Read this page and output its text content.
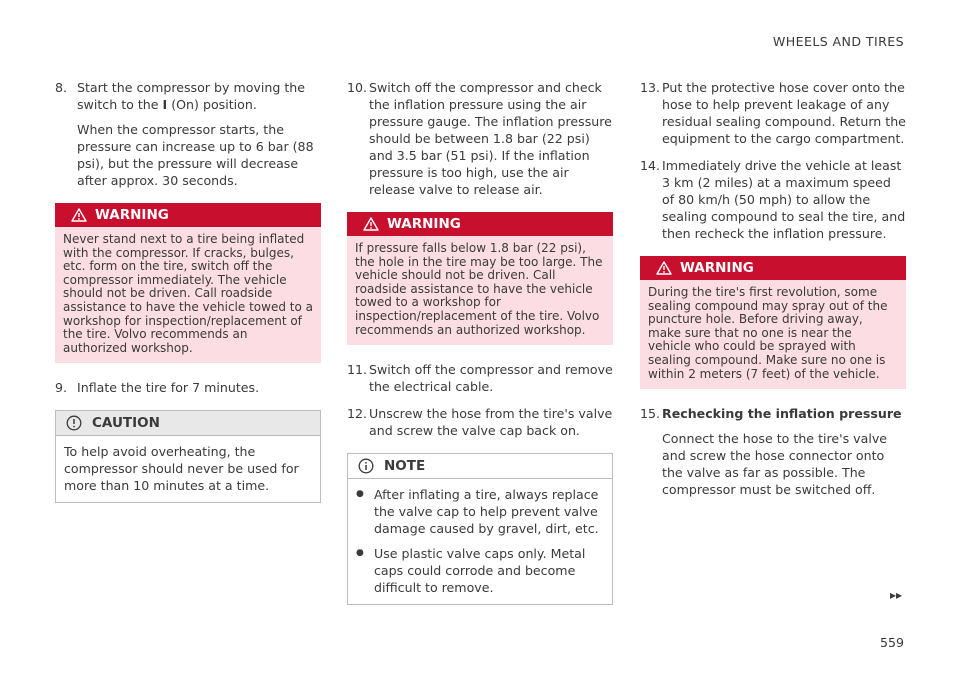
WHEELS AND TIRES
8. Start the compressor by moving the switch to the I (On) position.

When the compressor starts, the pressure can increase up to 6 bar (88 psi), but the pressure will decrease after approx. 30 seconds.

WARNING
Never stand next to a tire being inflated with the compressor. If cracks, bulges, etc. form on the tire, switch off the compressor immediately. The vehicle should not be driven. Call roadside assistance to have the vehicle towed to a workshop for inspection/replacement of the tire. Volvo recommends an authorized workshop.
9. Inflate the tire for 7 minutes.
CAUTION
To help avoid overheating, the compressor should never be used for more than 10 minutes at a time.
10. Switch off the compressor and check the inflation pressure using the air pressure gauge. The inflation pressure should be between 1.8 bar (22 psi) and 3.5 bar (51 psi). If the inflation pressure is too high, use the air release valve to release air.
WARNING
If pressure falls below 1.8 bar (22 psi), the hole in the tire may be too large. The vehicle should not be driven. Call roadside assistance to have the vehicle towed to a workshop for inspection/replacement of the tire. Volvo recommends an authorized workshop.
11. Switch off the compressor and remove the electrical cable.
12. Unscrew the hose from the tire's valve and screw the valve cap back on.
NOTE
● After inflating a tire, always replace the valve cap to help prevent valve damage caused by gravel, dirt, etc.
● Use plastic valve caps only. Metal caps could corrode and become difficult to remove.
13. Put the protective hose cover onto the hose to help prevent leakage of any residual sealing compound. Return the equipment to the cargo compartment.
14. Immediately drive the vehicle at least 3 km (2 miles) at a maximum speed of 80 km/h (50 mph) to allow the sealing compound to seal the tire, and then recheck the inflation pressure.
WARNING
During the tire's first revolution, some sealing compound may spray out of the puncture hole. Before driving away, make sure that no one is near the vehicle who could be sprayed with sealing compound. Make sure no one is within 2 meters (7 feet) of the vehicle.
15. Rechecking the inflation pressure

Connect the hose to the tire's valve and screw the hose connector onto the valve as far as possible. The compressor must be switched off.

▸▸
559
